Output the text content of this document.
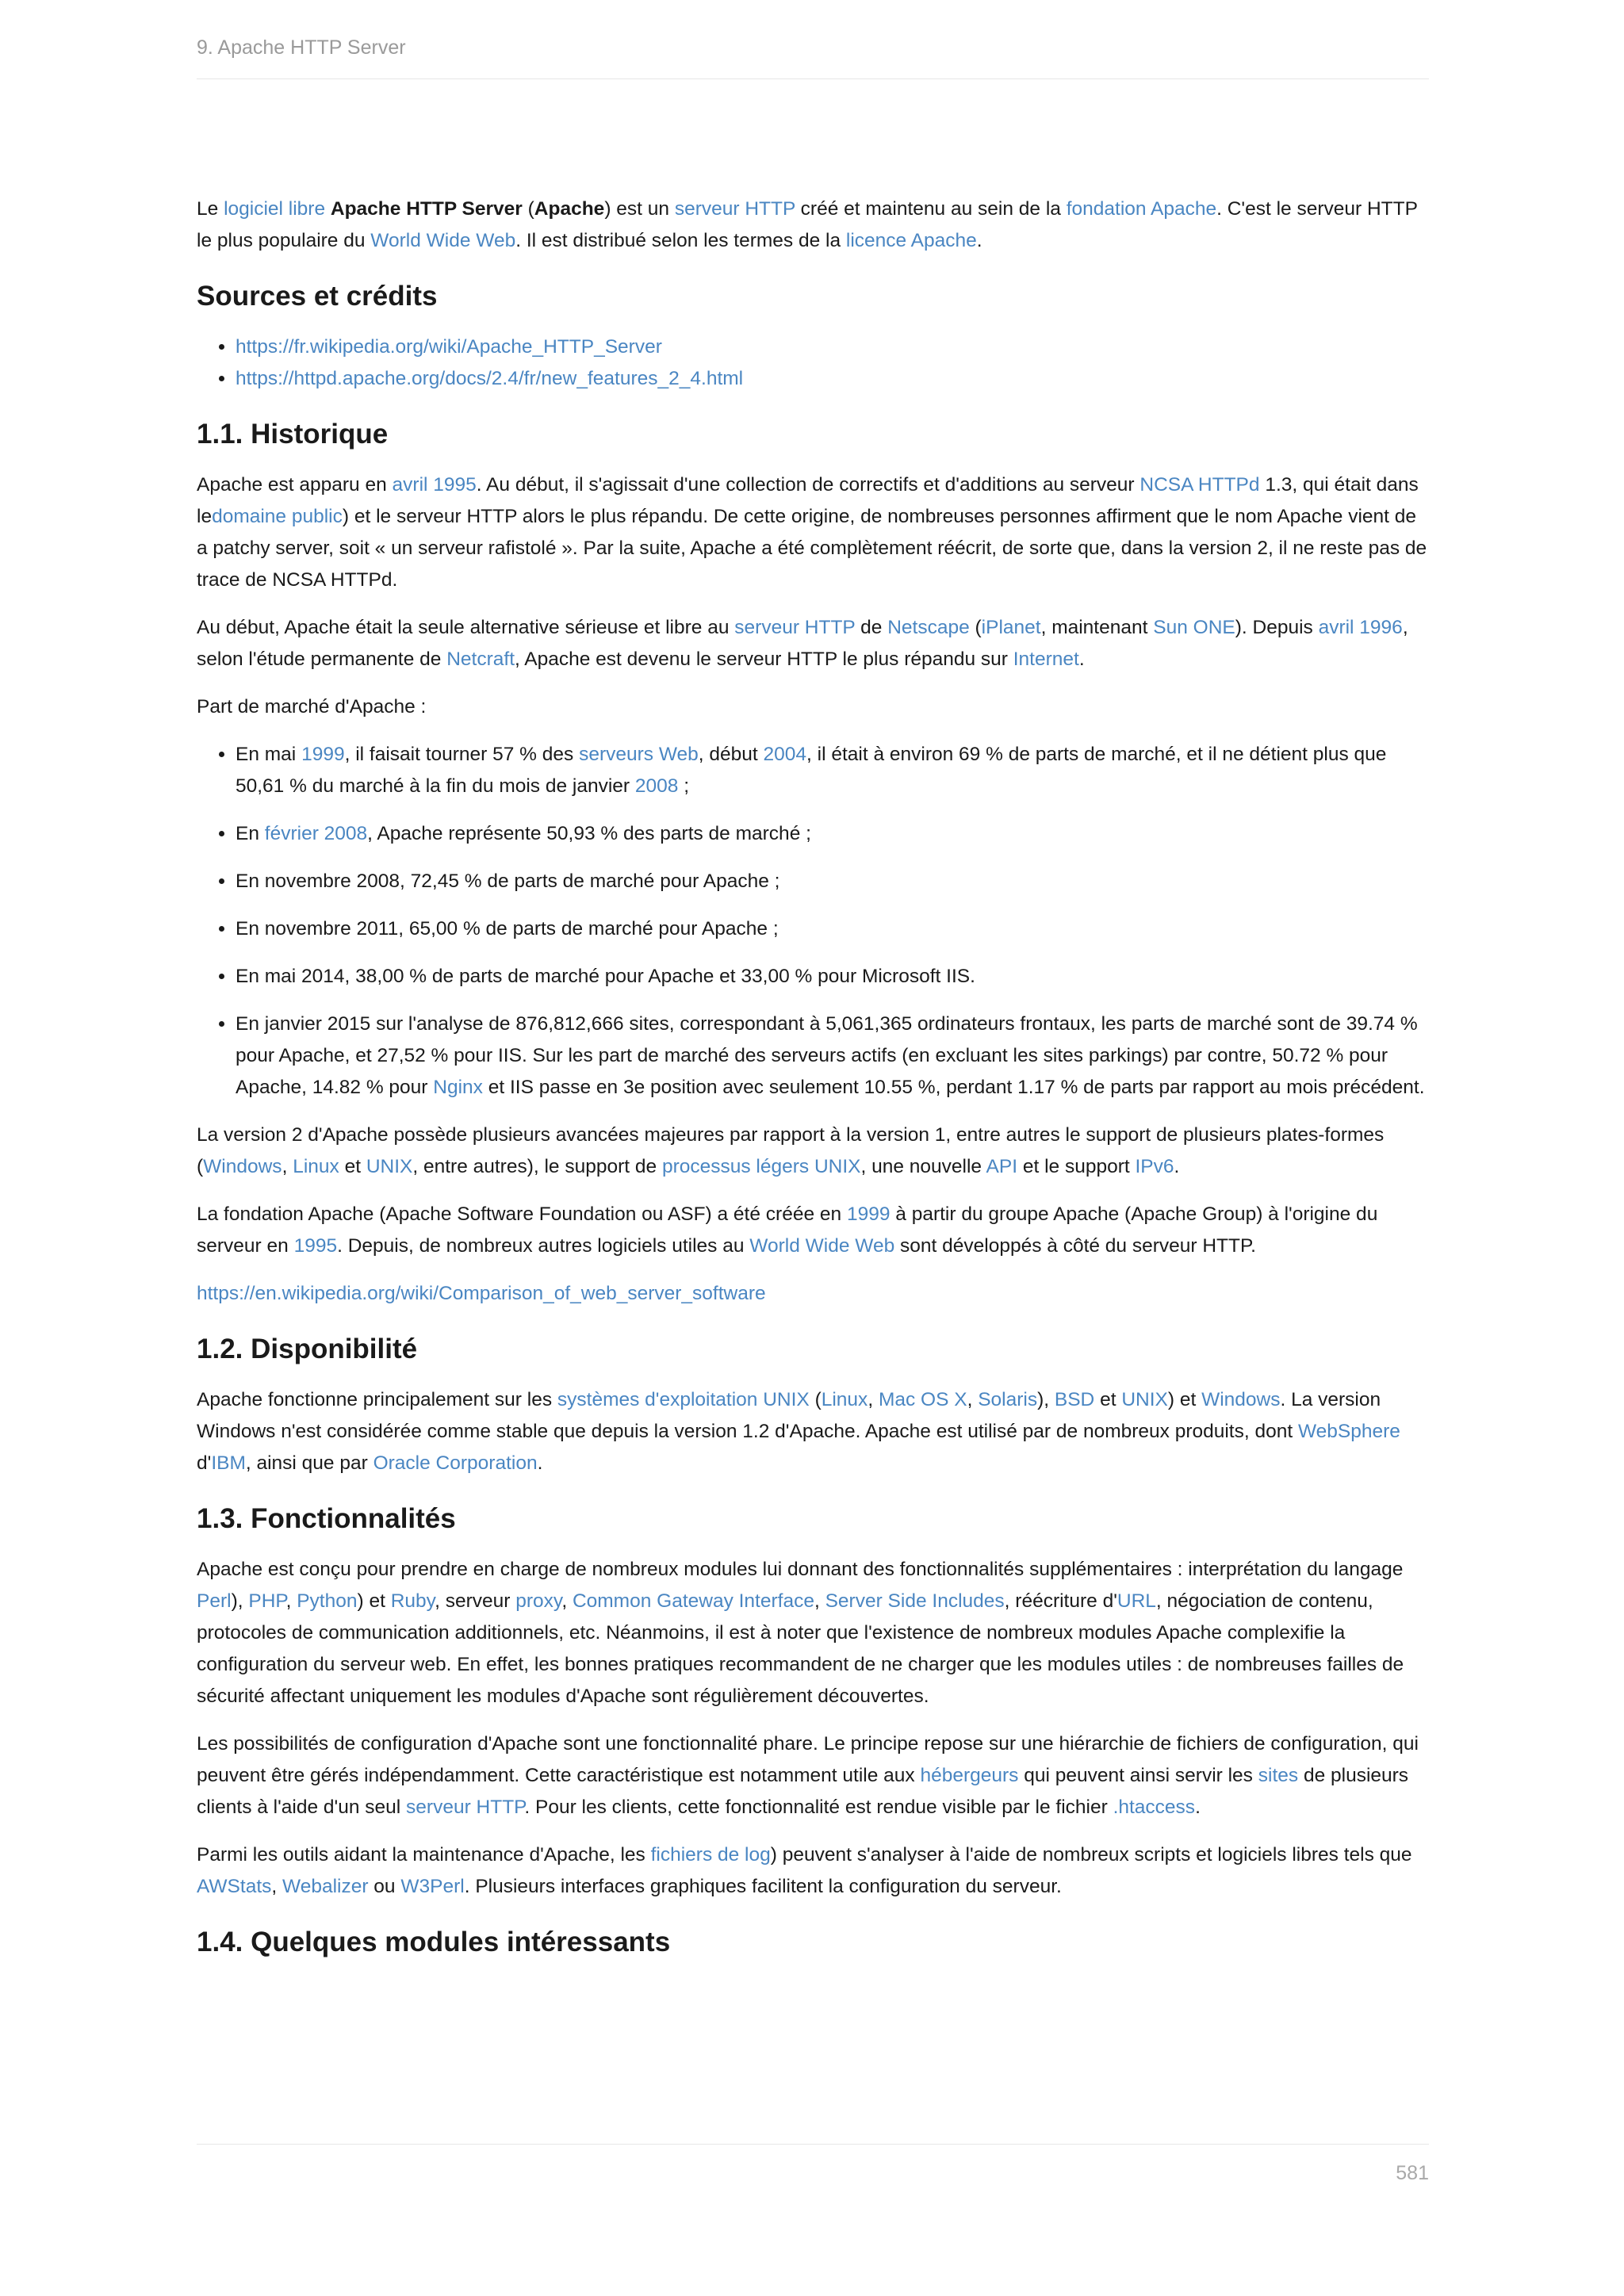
9. Apache HTTP Server

Le logiciel libre Apache HTTP Server (Apache) est un serveur HTTP créé et maintenu au sein de la fondation Apache. C'est le serveur HTTP le plus populaire du World Wide Web. Il est distribué selon les termes de la licence Apache.

Sources et crédits
• https://fr.wikipedia.org/wiki/Apache_HTTP_Server
• https://httpd.apache.org/docs/2.4/fr/new_features_2_4.html
1.1. Historique

Apache est apparu en avril 1995. Au début, il s'agissait d'une collection de correctifs et d'additions au serveur NCSA HTTPd 1.3, qui était dans ledomaine public) et le serveur HTTP alors le plus répandu. De cette origine, de nombreuses personnes affirment que le nom Apache vient de a patchy server, soit « un serveur rafistolé ». Par la suite, Apache a été complètement réécrit, de sorte que, dans la version 2, il ne reste pas de trace de NCSA HTTPd.

Au début, Apache était la seule alternative sérieuse et libre au serveur HTTP de Netscape (iPlanet, maintenant Sun ONE). Depuis avril 1996, selon l'étude permanente de Netcraft, Apache est devenu le serveur HTTP le plus répandu sur Internet.

Part de marché d'Apache :

• En mai 1999, il faisait tourner 57 % des serveurs Web, début 2004, il était à environ 69 % de parts de marché, et il ne détient plus que 50,61 % du marché à la fin du mois de janvier 2008 ;
• En février 2008, Apache représente 50,93 % des parts de marché ;
• En novembre 2008, 72,45 % de parts de marché pour Apache ;
• En novembre 2011, 65,00 % de parts de marché pour Apache ;
• En mai 2014, 38,00 % de parts de marché pour Apache et 33,00 % pour Microsoft IIS.
• En janvier 2015 sur l'analyse de 876,812,666 sites, correspondant à 5,061,365 ordinateurs frontaux, les parts de marché sont de 39.74 % pour Apache, et 27,52 % pour IIS. Sur les part de marché des serveurs actifs (en excluant les sites parkings) par contre, 50.72 % pour Apache, 14.82 % pour Nginx et IIS passe en 3e position avec seulement 10.55 %, perdant 1.17 % de parts par rapport au mois précédent.

La version 2 d'Apache possède plusieurs avancées majeures par rapport à la version 1, entre autres le support de plusieurs plates-formes (Windows, Linux et UNIX, entre autres), le support de processus légers UNIX, une nouvelle API et le support IPv6.

La fondation Apache (Apache Software Foundation ou ASF) a été créée en 1999 à partir du groupe Apache (Apache Group) à l'origine du serveur en 1995. Depuis, de nombreux autres logiciels utiles au World Wide Web sont développés à côté du serveur HTTP.

https://en.wikipedia.org/wiki/Comparison_of_web_server_software

1.2. Disponibilité

Apache fonctionne principalement sur les systèmes d'exploitation UNIX (Linux, Mac OS X, Solaris), BSD et UNIX) et Windows. La version Windows n'est considérée comme stable que depuis la version 1.2 d'Apache. Apache est utilisé par de nombreux produits, dont WebSphere d'IBM, ainsi que par Oracle Corporation.

1.3. Fonctionnalités

Apache est conçu pour prendre en charge de nombreux modules lui donnant des fonctionnalités supplémentaires : interprétation du langage Perl), PHP, Python) et Ruby, serveur proxy, Common Gateway Interface, Server Side Includes, réécriture d'URL, négociation de contenu, protocoles de communication additionnels, etc. Néanmoins, il est à noter que l'existence de nombreux modules Apache complexifie la configuration du serveur web. En effet, les bonnes pratiques recommandent de ne charger que les modules utiles : de nombreuses failles de sécurité affectant uniquement les modules d'Apache sont régulièrement découvertes.

Les possibilités de configuration d'Apache sont une fonctionnalité phare. Le principe repose sur une hiérarchie de fichiers de configuration, qui peuvent être gérés indépendamment. Cette caractéristique est notamment utile aux hébergeurs qui peuvent ainsi servir les sites de plusieurs clients à l'aide d'un seul serveur HTTP. Pour les clients, cette fonctionnalité est rendue visible par le fichier .htaccess.

Parmi les outils aidant la maintenance d'Apache, les fichiers de log) peuvent s'analyser à l'aide de nombreux scripts et logiciels libres tels que AWStats, Webalizer ou W3Perl. Plusieurs interfaces graphiques facilitent la configuration du serveur.

1.4. Quelques modules intéressants
581
